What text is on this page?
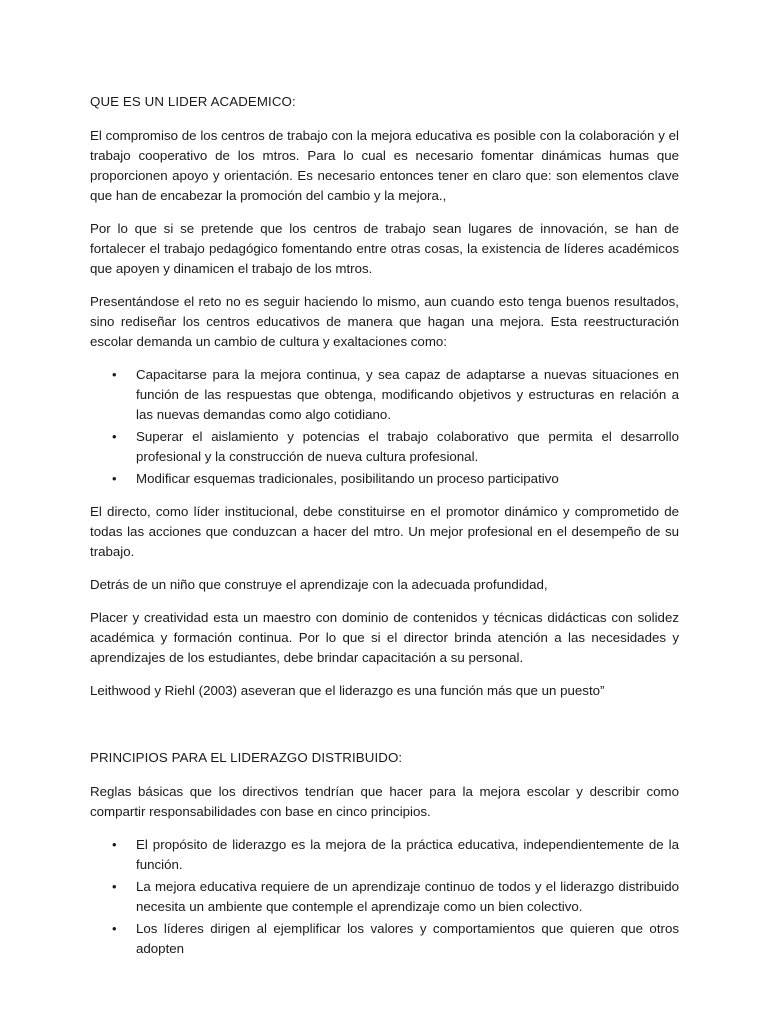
QUE ES UN LIDER ACADEMICO:

El compromiso de los centros de trabajo con la mejora educativa es posible con la colaboración y el trabajo cooperativo de los mtros. Para lo cual es necesario fomentar dinámicas humas que proporcionen apoyo y orientación. Es necesario entonces tener en claro que: son elementos clave que han de encabezar la promoción del cambio y la mejora.,

Por lo que si se pretende que los centros de trabajo sean lugares de innovación, se han de fortalecer el trabajo pedagógico fomentando entre otras cosas, la existencia de líderes académicos que apoyen y dinamicen el trabajo de los mtros.

Presentándose el reto no es seguir haciendo lo mismo, aun cuando esto tenga buenos resultados, sino rediseñar los centros educativos de manera que hagan una mejora. Esta reestructuración escolar demanda un cambio de cultura y exaltaciones como:

• Capacitarse para la mejora continua, y sea capaz de adaptarse a nuevas situaciones en función de las respuestas que obtenga, modificando objetivos y estructuras en relación a las nuevas demandas como algo cotidiano.
• Superar el aislamiento y potencias el trabajo colaborativo que permita el desarrollo profesional y la construcción de nueva cultura profesional.
• Modificar esquemas tradicionales, posibilitando un proceso participativo

El directo, como líder institucional, debe constituirse en el promotor dinámico y comprometido de todas las acciones que conduzcan a hacer del mtro. Un mejor profesional en el desempeño de su trabajo.

Detrás de un niño que construye el aprendizaje con la adecuada profundidad,

Placer y creatividad esta un maestro con dominio de contenidos y técnicas didácticas con solidez académica y formación continua. Por lo que si el director brinda atención a las necesidades y aprendizajes de los estudiantes, debe brindar capacitación a su personal.

Leithwood y Riehl (2003) aseveran que el liderazgo es una función más que un puesto”

PRINCIPIOS PARA EL LIDERAZGO DISTRIBUIDO:

Reglas básicas que los directivos tendrían que hacer para la mejora escolar y describir como compartir responsabilidades con base en cinco principios.

• El propósito de liderazgo es la mejora de la práctica educativa, independientemente de la función.
• La mejora educativa requiere de un aprendizaje continuo de todos y el liderazgo distribuido necesita un ambiente que contemple el aprendizaje como un bien colectivo.
• Los líderes dirigen al ejemplificar los valores y comportamientos que quieren que otros adopten
